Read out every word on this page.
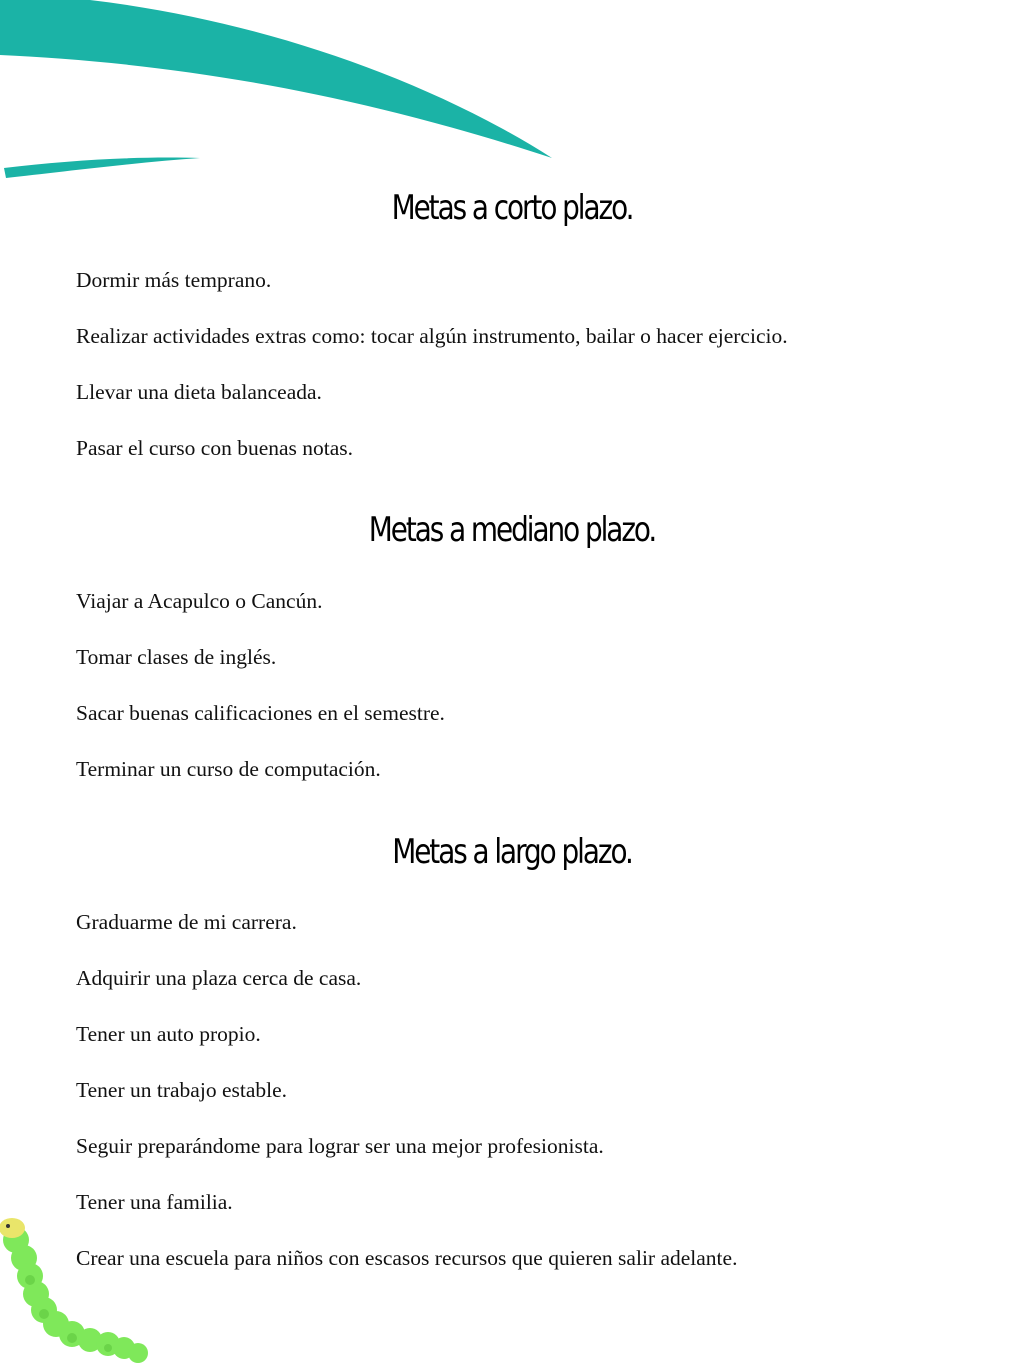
Metas a corto plazo.

Dormir más temprano.

Realizar actividades extras como: tocar algún instrumento, bailar o hacer ejercicio.

Llevar una dieta balanceada.

Pasar el curso con buenas notas.

Metas a mediano plazo.

Viajar a Acapulco o Cancún.

Tomar clases de inglés.

Sacar buenas calificaciones en el semestre.

Terminar un curso de computación.

Metas a largo plazo.

Graduarme de mi carrera.

Adquirir una plaza cerca de casa.

Tener un auto propio.

Tener un trabajo estable.

Seguir preparándome para lograr ser una mejor profesionista.

Tener una familia.

Crear una escuela para niños con escasos recursos que quieren salir adelante.
